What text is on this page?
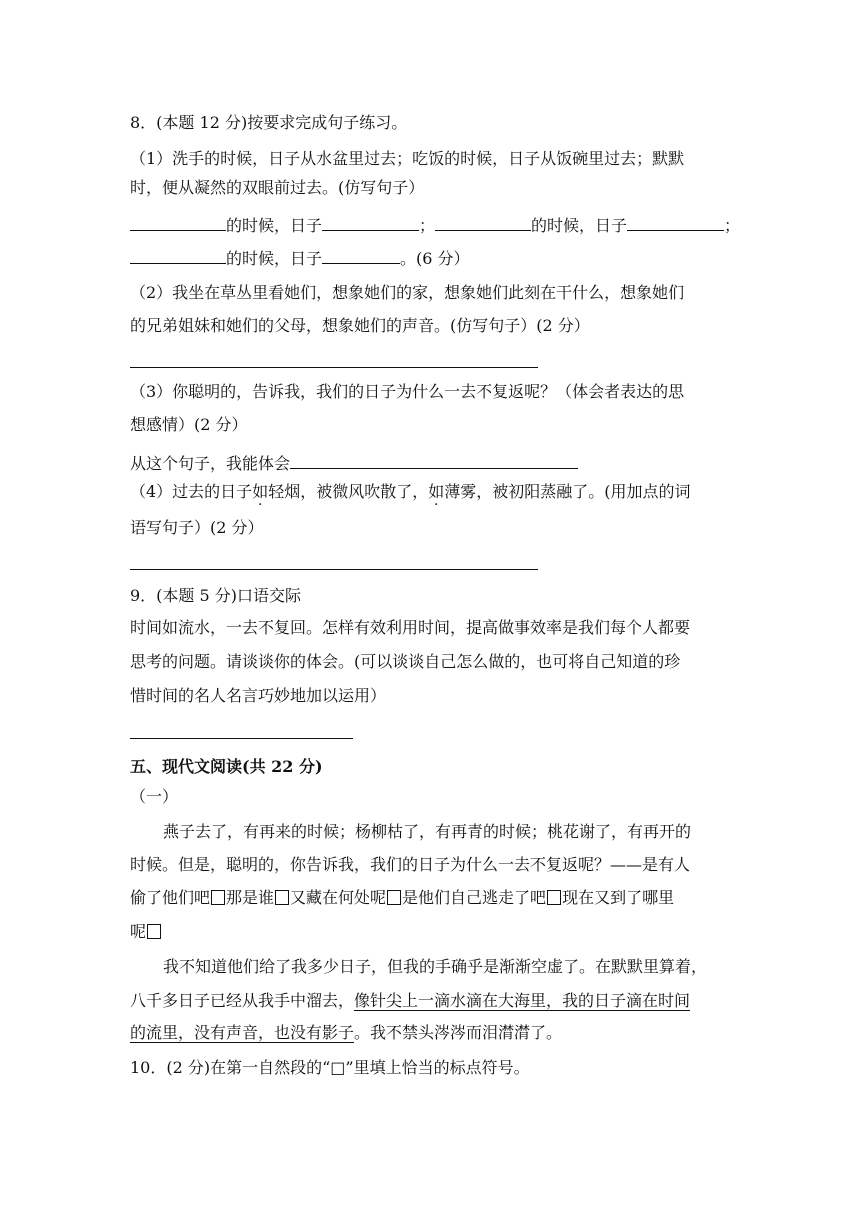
8．(本题 12 分)按要求完成句子练习。
（1）洗手的时候，日子从水盆里过去；吃饭的时候，日子从饭碗里过去；默默
时，便从凝然的双眼前过去。(仿写句子）
的时候，日子	；	的时候，日子	；
的时候，日子	。(6 分）
（2）我坐在草丛里看她们，想象她们的家，想象她们此刻在干什么，想象她们
的兄弟姐妹和她们的父母，想象她们的声音。(仿写句子）(2 分）
（3）你聪明的，告诉我，我们的日子为什么一去不复返呢？（体会者表达的思
想感情）(2 分）
从这个句子，我能体会
（4）过去的日子如轻烟，被微风吹散了，如薄雾，被初阳蒸融了。(用加点的词
语写句子）(2 分）
9．(本题 5 分)口语交际
时间如流水，一去不复回。怎样有效利用时间，提高做事效率是我们每个人都要
思考的问题。请谈谈你的体会。(可以谈谈自己怎么做的，也可将自己知道的珍
惜时间的名人名言巧妙地加以运用）
五、现代文阅读(共 22 分)
（一）
燕子去了，有再来的时候；杨柳枯了，有再青的时候；桃花谢了，有再开的
时候。但是，聪明的，你告诉我，我们的日子为什么一去不复返呢？——是有人
偷了他们吧 那是谁 又藏在何处呢 是他们自己逃走了吧 现在又到了哪里
呢
我不知道他们给了我多少日子，但我的手确乎是渐渐空虚了。在默默里算着，
八千多日子已经从我手中溜去，像针尖上一滴水滴在大海里，我的日子滴在时间
的流里，没有声音，也没有影子。我不禁头涔涔而泪潸潸了。
10．(2 分)在第一自然段的“□”里填上恰当的标点符号。
